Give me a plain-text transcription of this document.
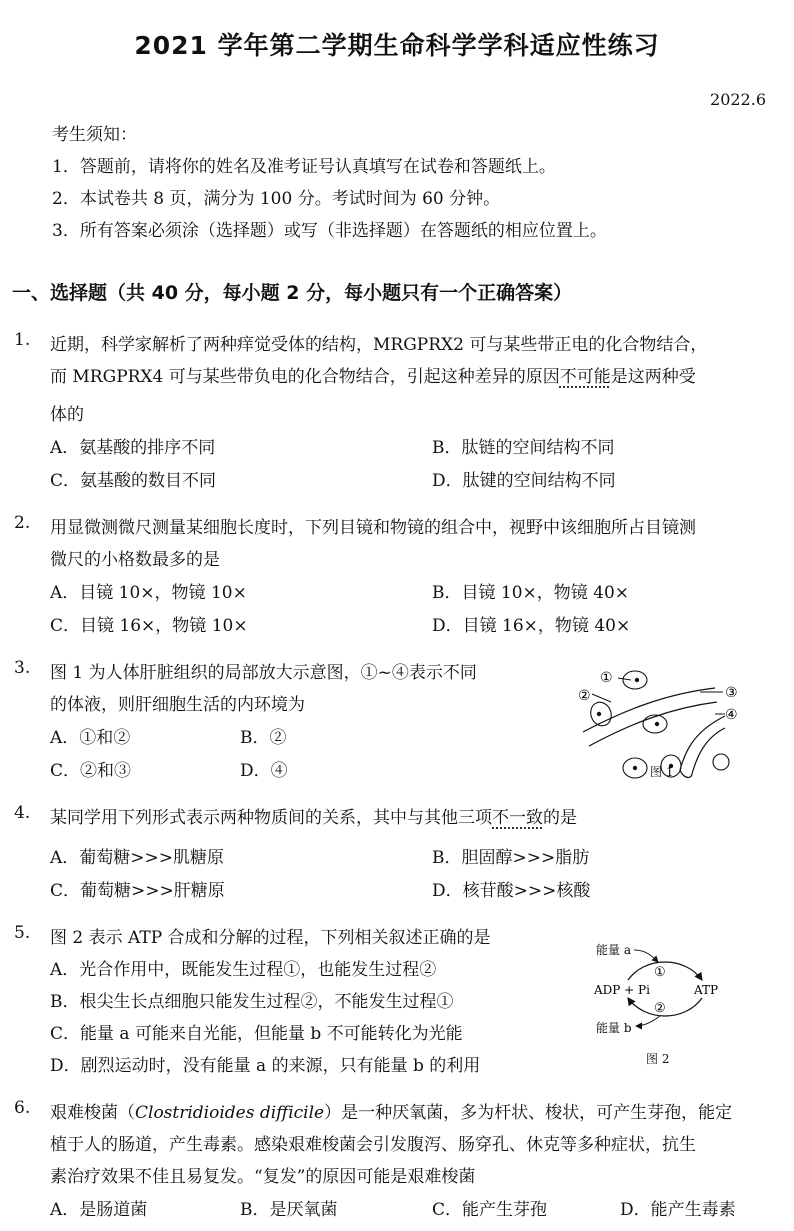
2021 学年第二学期生命科学学科适应性练习
2022.6
考生须知：
1．答题前，请将你的姓名及准考证号认真填写在试卷和答题纸上。
2．本试卷共 8 页，满分为 100 分。考试时间为 60 分钟。
3．所有答案必须涂（选择题）或写（非选择题）在答题纸的相应位置上。
一、选择题（共 40 分，每小题 2 分，每小题只有一个正确答案）
1. 近期，科学家解析了两种痒觉受体的结构，MRGPRX2 可与某些带正电的化合物结合，
而 MRGPRX4 可与某些带负电的化合物结合，引起这种差异的原因不可能是这两种受
体的
A．氨基酸的排序不同	B．肽链的空间结构不同
C．氨基酸的数目不同	D．肽键的空间结构不同
2. 用显微测微尺测量某细胞长度时，下列目镜和物镜的组合中，视野中该细胞所占目镜测
微尺的小格数最多的是
A．目镜 10×，物镜 10×	B．目镜 10×，物镜 40×
C．目镜 16×，物镜 10×	D．目镜 16×，物镜 40×
3. 图 1 为人体肝脏组织的局部放大示意图，①~④表示不同
的体液，则肝细胞生活的内环境为
A．①和②	B．②
C．②和③	D．④
①
②	③
④
图 1
4. 某同学用下列形式表示两种物质间的关系，其中与其他三项不一致的是
A．葡萄糖>>>肌糖原	B．胆固醇>>>脂肪
C．葡萄糖>>>肝糖原	D．核苷酸>>>核酸
5. 图 2 表示 ATP 合成和分解的过程，下列相关叙述正确的是
A．光合作用中，既能发生过程①，也能发生过程②
B．根尖生长点细胞只能发生过程②，不能发生过程①
C．能量 a 可能来自光能，但能量 b 不可能转化为光能
D．剧烈运动时，没有能量 a 的来源，只有能量 b 的利用
能量 a
能量 b
ADP + Pi	ATP
①
②
图 2
6. 艰难梭菌（Clostridioides difficile）是一种厌氧菌，多为杆状、梭状，可产生芽孢，能定
植于人的肠道，产生毒素。感染艰难梭菌会引发腹泻、肠穿孔、休克等多种症状，抗生
素治疗效果不佳且易复发。“复发”的原因可能是艰难梭菌
A．是肠道菌	B．是厌氧菌	C．能产生芽孢	D．能产生毒素
